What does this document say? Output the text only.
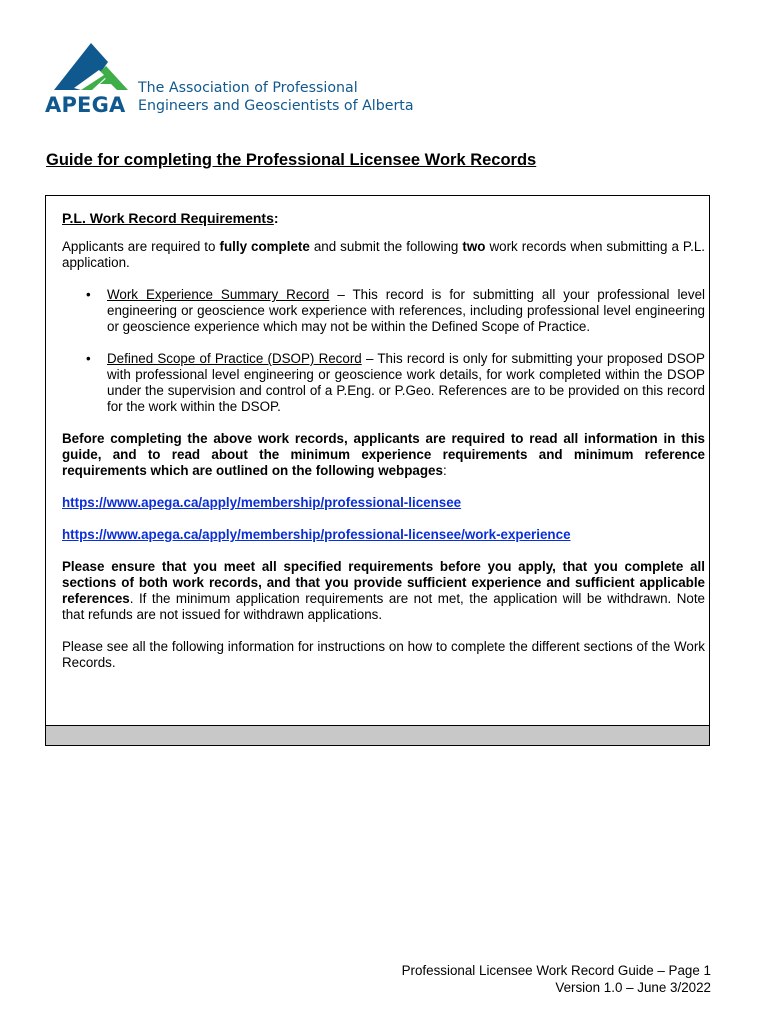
APEGA
The Association of Professional
Engineers and Geoscientists of Alberta
Guide for completing the Professional Licensee Work Records
P.L. Work Record Requirements:

Applicants are required to fully complete and submit the following two work records when submitting a P.L. application.

• Work Experience Summary Record – This record is for submitting all your professional level engineering or geoscience work experience with references, including professional level engineering or geoscience experience which may not be within the Defined Scope of Practice.
• Defined Scope of Practice (DSOP) Record – This record is only for submitting your proposed DSOP with professional level engineering or geoscience work details, for work completed within the DSOP under the supervision and control of a P.Eng. or P.Geo. References are to be provided on this record for the work within the DSOP.

Before completing the above work records, applicants are required to read all information in this guide, and to read about the minimum experience requirements and minimum reference requirements which are outlined on the following webpages:

https://www.apega.ca/apply/membership/professional-licensee
https://www.apega.ca/apply/membership/professional-licensee/work-experience

Please ensure that you meet all specified requirements before you apply, that you complete all sections of both work records, and that you provide sufficient experience and sufficient applicable references. If the minimum application requirements are not met, the application will be withdrawn. Note that refunds are not issued for withdrawn applications.

Please see all the following information for instructions on how to complete the different sections of the Work Records.

Professional Licensee Work Record Guide – Page 1
Version 1.0 – June 3/2022
